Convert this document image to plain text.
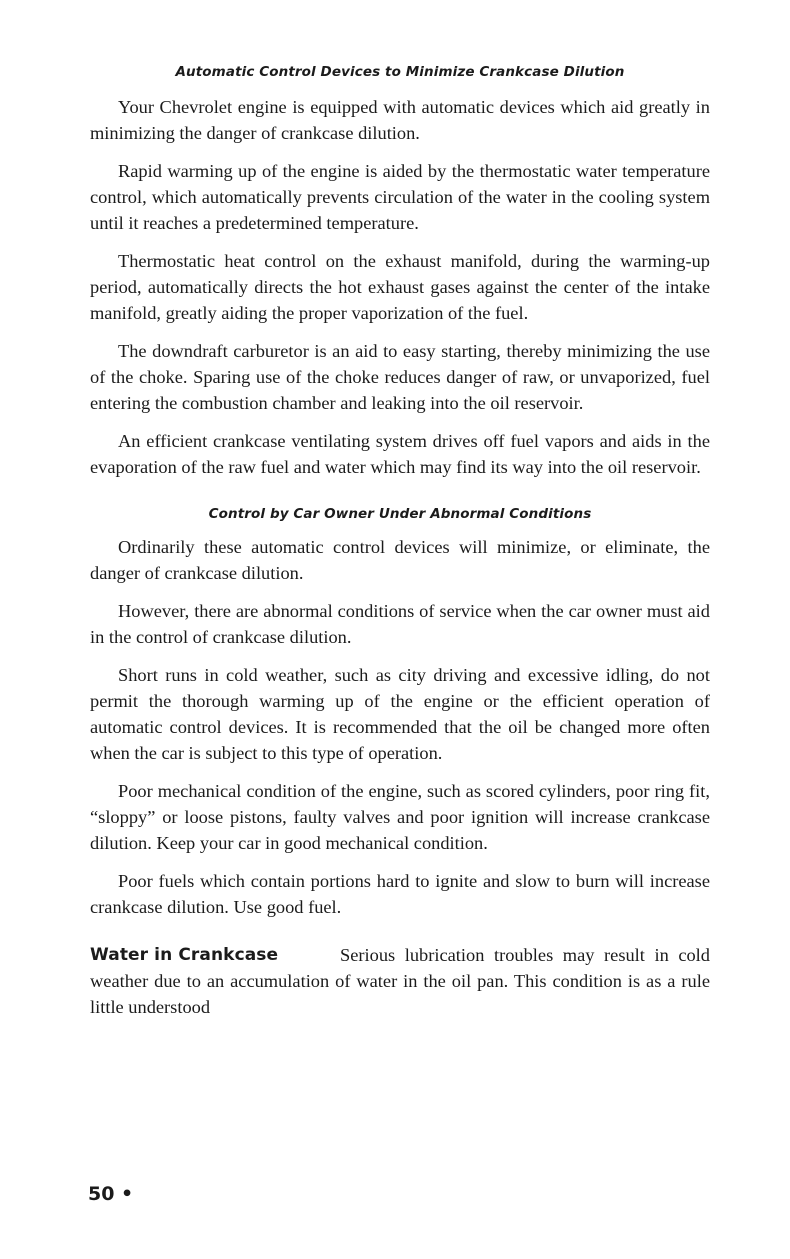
Automatic Control Devices to Minimize Crankcase Dilution

Your Chevrolet engine is equipped with automatic devices which aid greatly in minimizing the danger of crankcase dilution.

Rapid warming up of the engine is aided by the thermostatic water temperature control, which automatically prevents circulation of the water in the cooling system until it reaches a predetermined temperature.

Thermostatic heat control on the exhaust manifold, during the warming-up period, automatically directs the hot exhaust gases against the center of the intake manifold, greatly aiding the proper vaporization of the fuel.

The downdraft carburetor is an aid to easy starting, thereby minimizing the use of the choke. Sparing use of the choke reduces danger of raw, or unvaporized, fuel entering the combustion chamber and leaking into the oil reservoir.

An efficient crankcase ventilating system drives off fuel vapors and aids in the evaporation of the raw fuel and water which may find its way into the oil reservoir.

Control by Car Owner Under Abnormal Conditions

Ordinarily these automatic control devices will minimize, or eliminate, the danger of crankcase dilution.

However, there are abnormal conditions of service when the car owner must aid in the control of crankcase dilution.

Short runs in cold weather, such as city driving and excessive idling, do not permit the thorough warming up of the engine or the efficient operation of automatic control devices. It is recommended that the oil be changed more often when the car is subject to this type of operation.

Poor mechanical condition of the engine, such as scored cylinders, poor ring fit, “sloppy” or loose pistons, faulty valves and poor ignition will increase crankcase dilution. Keep your car in good mechanical condition.

Poor fuels which contain portions hard to ignite and slow to burn will increase crankcase dilution. Use good fuel.

Water in Crankcase	Serious lubrication troubles may result in cold weather due to an accumulation of water in the oil pan. This condition is as a rule little understood

50 •
